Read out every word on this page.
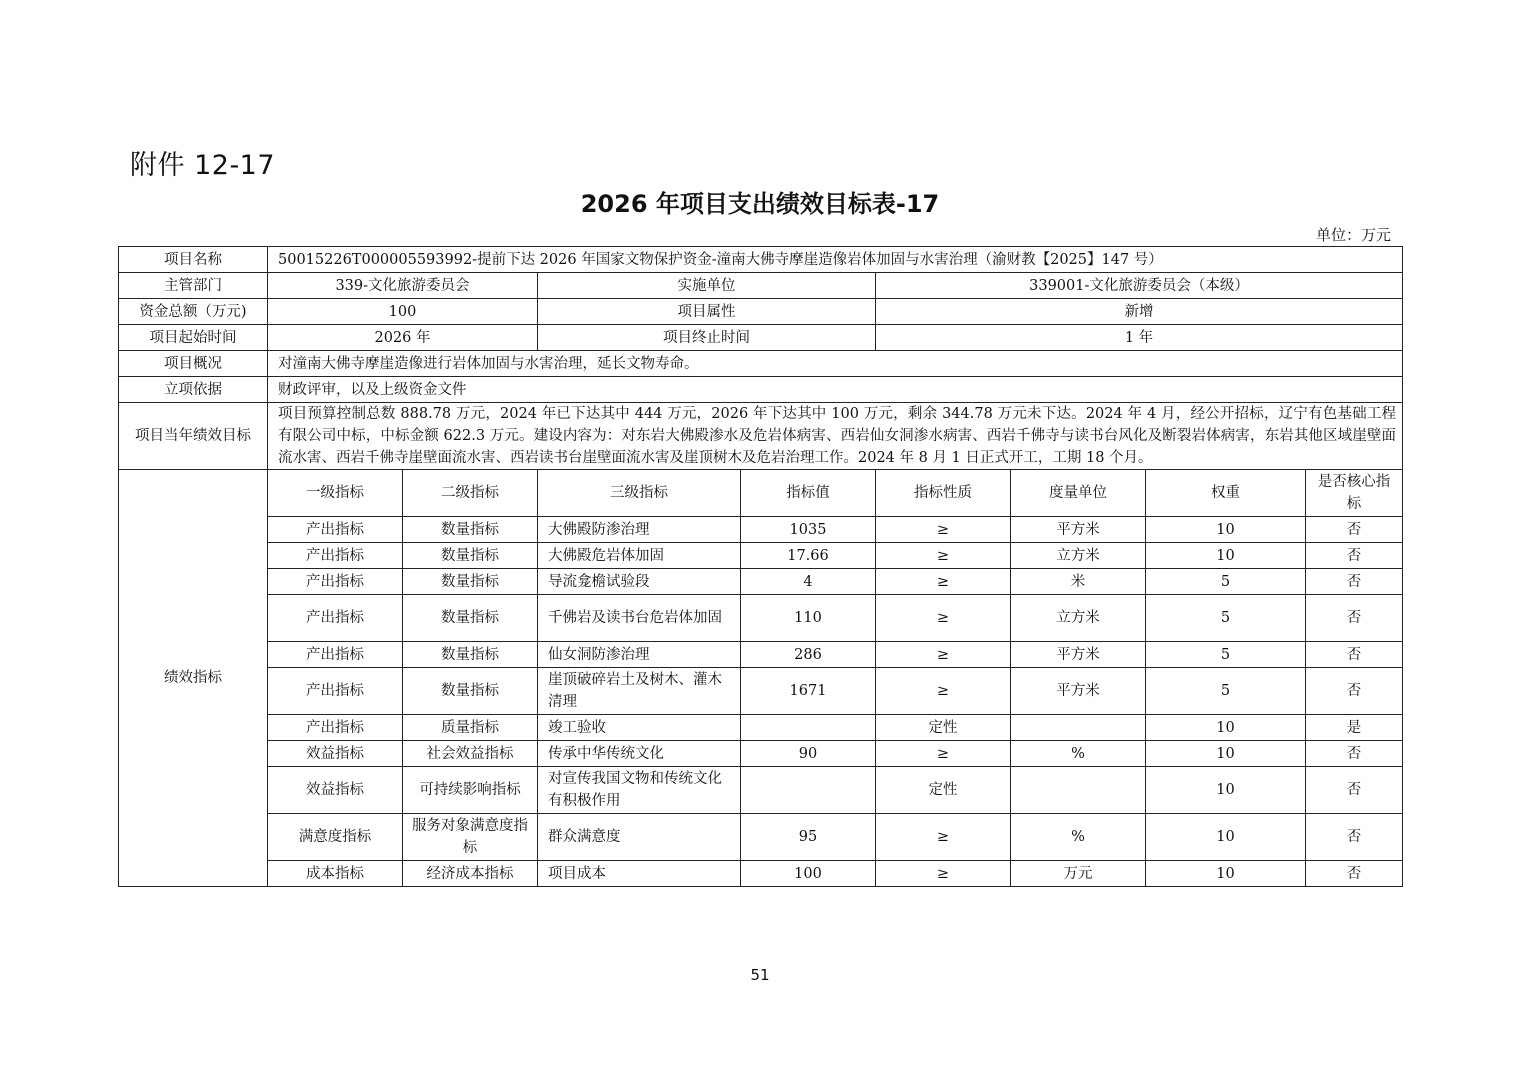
附件 12-17
2026 年项目支出绩效目标表-17
单位：万元
项目名称	50015226T000005593992-提前下达 2026 年国家文物保护资金-潼南大佛寺摩崖造像岩体加固与水害治理（渝财教【2025】147 号）							
主管部门	339-文化旅游委员会		实施单位		339001-文化旅游委员会（本级）			
资金总额（万元)	100		项目属性		新增			
项目起始时间	2026 年		项目终止时间		1 年			
项目概况	对潼南大佛寺摩崖造像进行岩体加固与水害治理，延长文物寿命。							
立项依据	财政评审，以及上级资金文件							
项目当年绩效目标	项目预算控制总数 888.78 万元，2024 年已下达其中 444 万元，2026 年下达其中 100 万元，剩余 344.78 万元未下达。2024 年 4 月，经公开招标，辽宁有色基础工程有限公司中标，中标金额 622.3 万元。建设内容为：对东岩大佛殿渗水及危岩体病害、西岩仙女洞渗水病害、西岩千佛寺与读书台风化及断裂岩体病害，东岩其他区域崖壁面流水害、西岩千佛寺崖壁面流水害、西岩读书台崖壁面流水害及崖顶树木及危岩治理工作。2024 年 8 月 1 日正式开工，工期 18 个月。							
绩效指标	一级指标	二级指标	三级指标	指标值	指标性质	度量单位	权重	是否核心指标
	产出指标	数量指标	大佛殿防渗治理	1035	≥	平方米	10	否
	产出指标	数量指标	大佛殿危岩体加固	17.66	≥	立方米	10	否
	产出指标	数量指标	导流龛檐试验段	4	≥	米	5	否
	产出指标	数量指标	千佛岩及读书台危岩体加固	110	≥	立方米	5	否
	产出指标	数量指标	仙女洞防渗治理	286	≥	平方米	5	否
	产出指标	数量指标	崖顶破碎岩土及树木、灌木清理	1671	≥	平方米	5	否
	产出指标	质量指标	竣工验收		定性		10	是
	效益指标	社会效益指标	传承中华传统文化	90	≥	%	10	否
	效益指标	可持续影响指标	对宣传我国文物和传统文化有积极作用		定性		10	否
	满意度指标	服务对象满意度指标	群众满意度	95	≥	%	10	否
	成本指标	经济成本指标	项目成本	100	≥	万元	10	否
51
